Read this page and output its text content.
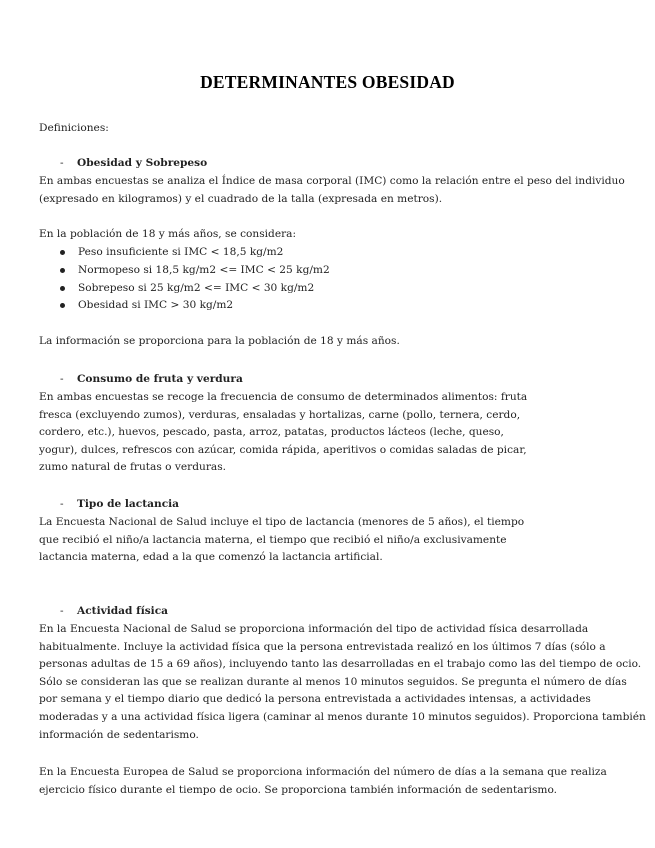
DETERMINANTES OBESIDAD
Definiciones:
- Obesidad y Sobrepeso
En ambas encuestas se analiza el Índice de masa corporal (IMC) como la relación entre el peso del individuo
(expresado en kilogramos) y el cuadrado de la talla (expresada en metros).
En la población de 18 y más años, se considera:
Peso insuficiente si IMC < 18,5 kg/m2
Normopeso si 18,5 kg/m2 <= IMC < 25 kg/m2
Sobrepeso si 25 kg/m2 <= IMC < 30 kg/m2
Obesidad si IMC > 30 kg/m2
La información se proporciona para la población de 18 y más años.
- Consumo de fruta y verdura
En ambas encuestas se recoge la frecuencia de consumo de determinados alimentos: fruta
fresca (excluyendo zumos), verduras, ensaladas y hortalizas, carne (pollo, ternera, cerdo,
cordero, etc.), huevos, pescado, pasta, arroz, patatas, productos lácteos (leche, queso,
yogur), dulces, refrescos con azúcar, comida rápida, aperitivos o comidas saladas de picar,
zumo natural de frutas o verduras.
- Tipo de lactancia
La Encuesta Nacional de Salud incluye el tipo de lactancia (menores de 5 años), el tiempo
que recibió el niño/a lactancia materna, el tiempo que recibió el niño/a exclusivamente
lactancia materna, edad a la que comenzó la lactancia artificial.
- Actividad física
En la Encuesta Nacional de Salud se proporciona información del tipo de actividad física desarrollada
habitualmente. Incluye la actividad física que la persona entrevistada realizó en los últimos 7 días (sólo a
personas adultas de 15 a 69 años), incluyendo tanto las desarrolladas en el trabajo como las del tiempo de ocio.
Sólo se consideran las que se realizan durante al menos 10 minutos seguidos. Se pregunta el número de días
por semana y el tiempo diario que dedicó la persona entrevistada a actividades intensas, a actividades
moderadas y a una actividad física ligera (caminar al menos durante 10 minutos seguidos). Proporciona también
información de sedentarismo.
En la Encuesta Europea de Salud se proporciona información del número de días a la semana que realiza
ejercicio físico durante el tiempo de ocio. Se proporciona también información de sedentarismo.
